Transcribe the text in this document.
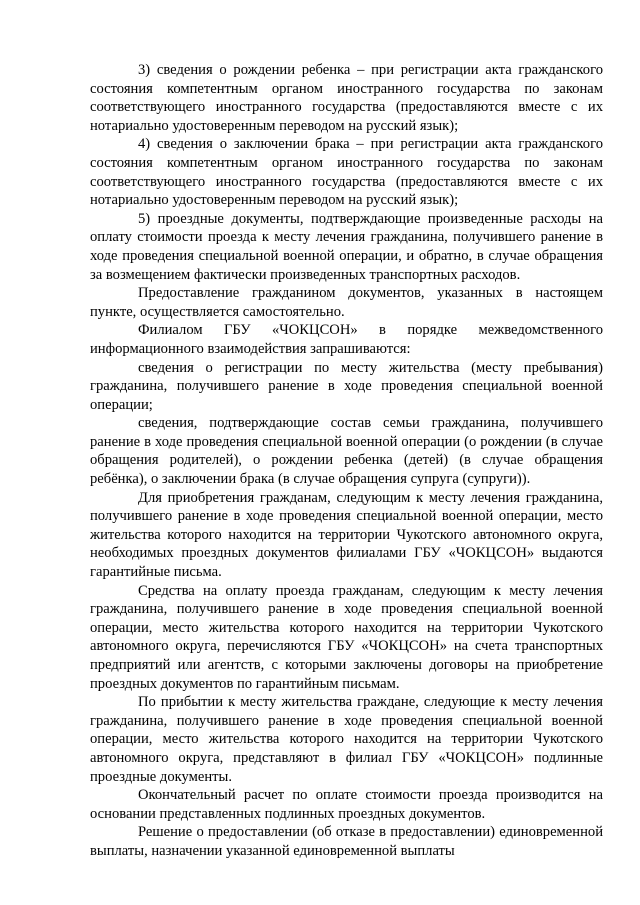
3) сведения о рождении ребенка – при регистрации акта гражданского состояния компетентным органом иностранного государства по законам соответствующего иностранного государства (предоставляются вместе с их нотариально удостоверенным переводом на русский язык);

4) сведения о заключении брака – при регистрации акта гражданского состояния компетентным органом иностранного государства по законам соответствующего иностранного государства (предоставляются вместе с их нотариально удостоверенным переводом на русский язык);

5) проездные документы, подтверждающие произведенные расходы на оплату стоимости проезда к месту лечения гражданина, получившего ранение в ходе проведения специальной военной операции, и обратно, в случае обращения за возмещением фактически произведенных транспортных расходов.

Предоставление гражданином документов, указанных в настоящем пункте, осуществляется самостоятельно.

Филиалом ГБУ «ЧОКЦСОН» в порядке межведомственного информационного взаимодействия запрашиваются:

сведения о регистрации по месту жительства (месту пребывания) гражданина, получившего ранение в ходе проведения специальной военной операции;

сведения, подтверждающие состав семьи гражданина, получившего ранение в ходе проведения специальной военной операции (о рождении (в случае обращения родителей), о рождении ребенка (детей) (в случае обращения ребёнка), о заключении брака (в случае обращения супруга (супруги)).

Для приобретения гражданам, следующим к месту лечения гражданина, получившего ранение в ходе проведения специальной военной операции, место жительства которого находится на территории Чукотского автономного округа, необходимых проездных документов филиалами ГБУ «ЧОКЦСОН» выдаются гарантийные письма.

Средства на оплату проезда гражданам, следующим к месту лечения гражданина, получившего ранение в ходе проведения специальной военной операции, место жительства которого находится на территории Чукотского автономного округа, перечисляются ГБУ «ЧОКЦСОН» на счета транспортных предприятий или агентств, с которыми заключены договоры на приобретение проездных документов по гарантийным письмам.

По прибытии к месту жительства граждане, следующие к месту лечения гражданина, получившего ранение в ходе проведения специальной военной операции, место жительства которого находится на территории Чукотского автономного округа, представляют в филиал ГБУ «ЧОКЦСОН» подлинные проездные документы.

Окончательный расчет по оплате стоимости проезда производится на основании представленных подлинных проездных документов.

Решение о предоставлении (об отказе в предоставлении) единовременной выплаты, назначении указанной единовременной выплаты
